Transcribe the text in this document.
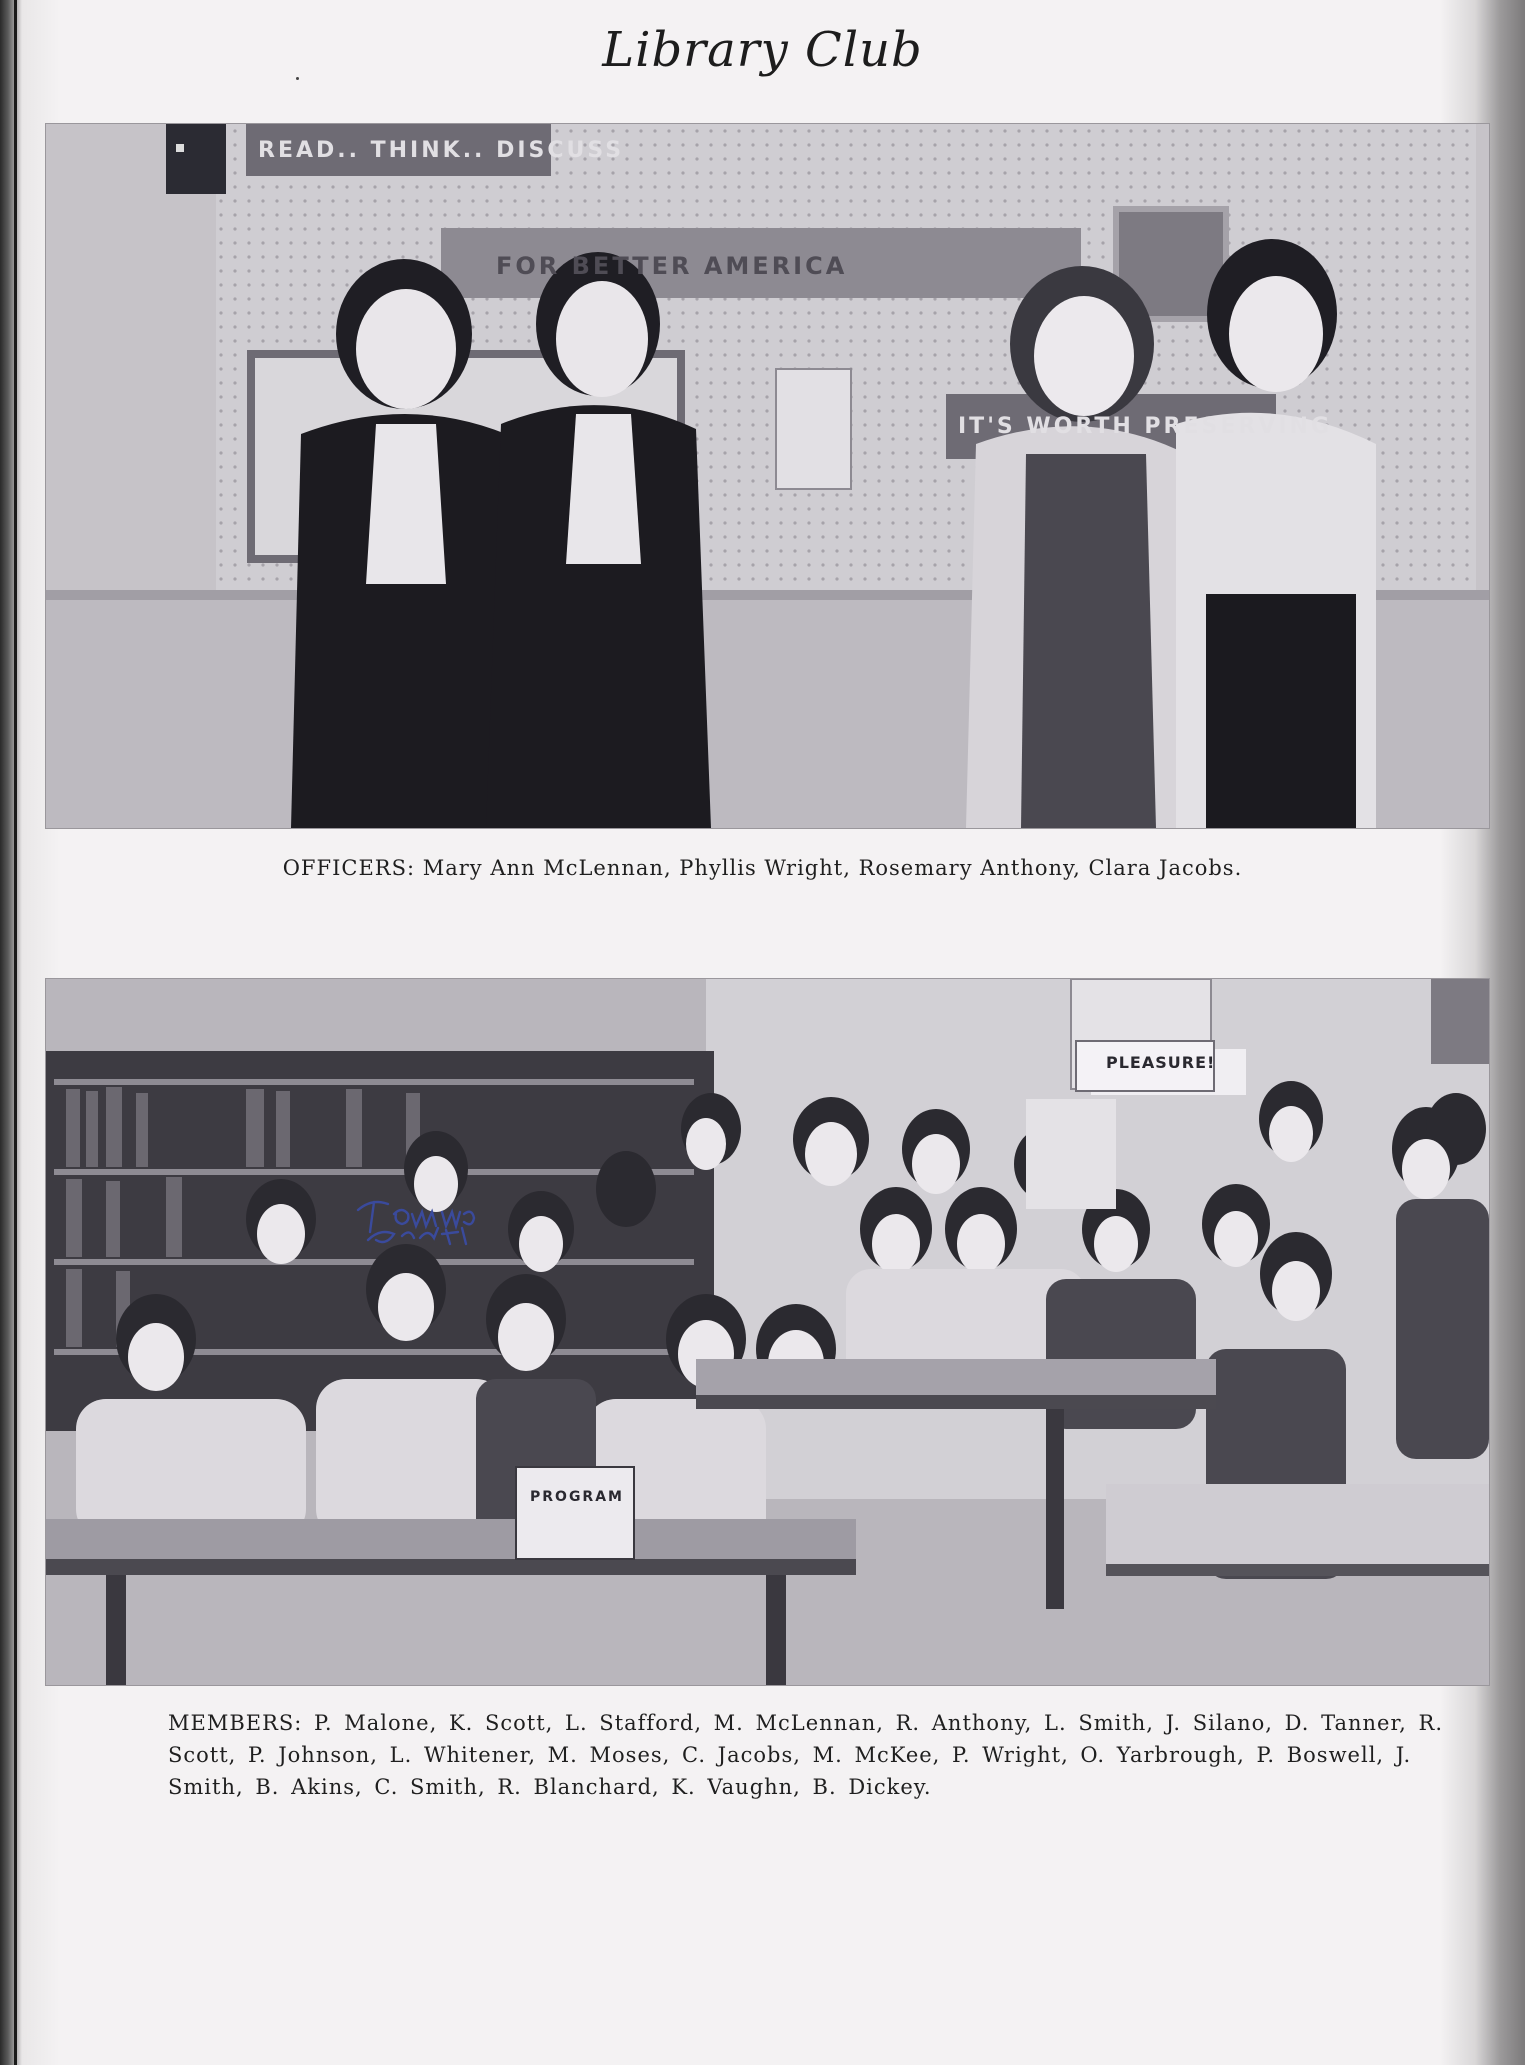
Library Club
READ.. THINK.. DISCUSS
FOR BETTER AMERICA
IT'S WORTH PRESERVING
OFFICERS: Mary Ann McLennan, Phyllis Wright, Rosemary Anthony, Clara Jacobs.
PROGRAM
PLEASURE!
MEMBERS: P. Malone, K. Scott, L. Stafford, M. McLennan, R. Anthony, L. Smith, J. Silano, D. Tanner, R. Scott, P. Johnson, L. Whitener, M. Moses, C. Jacobs, M. McKee, P. Wright, O. Yarbrough, P. Boswell, J. Smith, B. Akins, C. Smith, R. Blanchard, K. Vaughn, B. Dickey.
